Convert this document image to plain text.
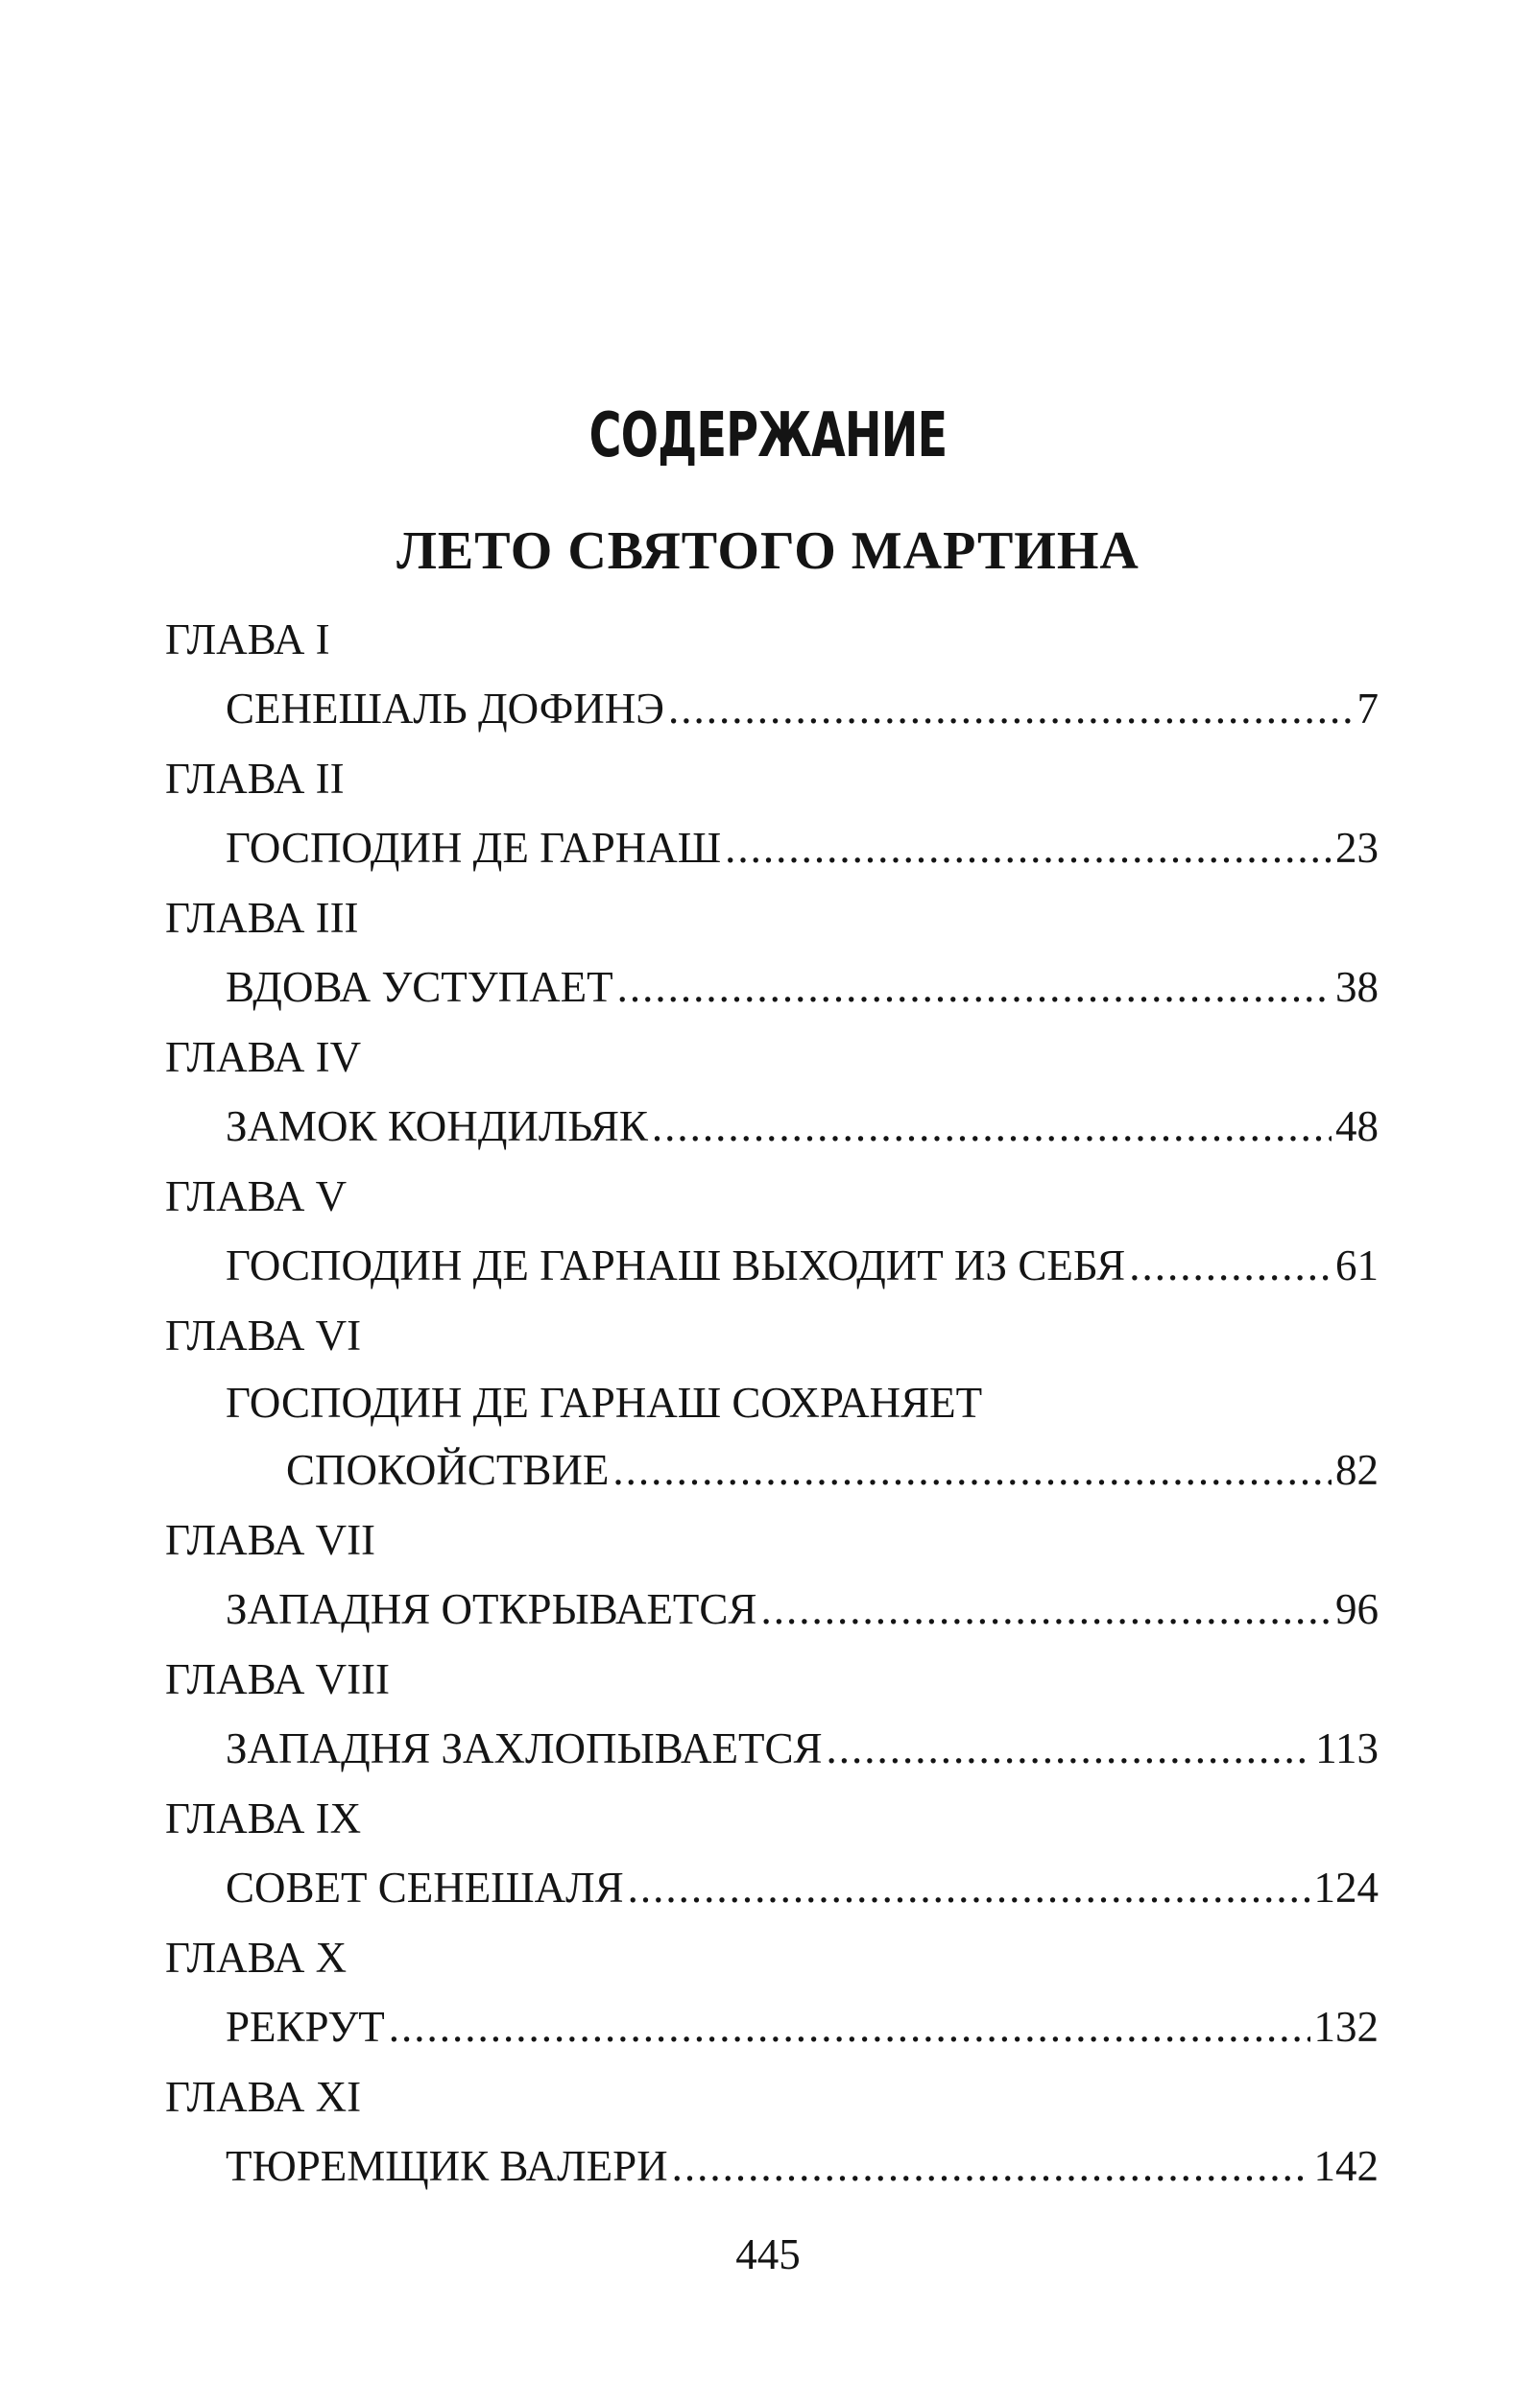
СОДЕРЖАНИЕ
ЛЕТО СВЯТОГО МАРТИНА
ГЛАВА I
СЕНЕШАЛЬ ДОФИНЭ .....	7
ГЛАВА II
ГОСПОДИН ДЕ ГАРНАШ .....	23
ГЛАВА III
ВДОВА УСТУПАЕТ .....	38
ГЛАВА IV
ЗАМОК КОНДИЛЬЯК .....	48
ГЛАВА V
ГОСПОДИН ДЕ ГАРНАШ ВЫХОДИТ ИЗ СЕБЯ .....	61
ГЛАВА VI
ГОСПОДИН ДЕ ГАРНАШ СОХРАНЯЕТ
СПОКОЙСТВИЕ .....	82
ГЛАВА VII
ЗАПАДНЯ ОТКРЫВАЕТСЯ .....	96
ГЛАВА VIII
ЗАПАДНЯ ЗАХЛОПЫВАЕТСЯ .....	113
ГЛАВА IX
СОВЕТ СЕНЕШАЛЯ .....	124
ГЛАВА X
РЕКРУТ .....	132
ГЛАВА XI
ТЮРЕМЩИК ВАЛЕРИ .....	142
445
